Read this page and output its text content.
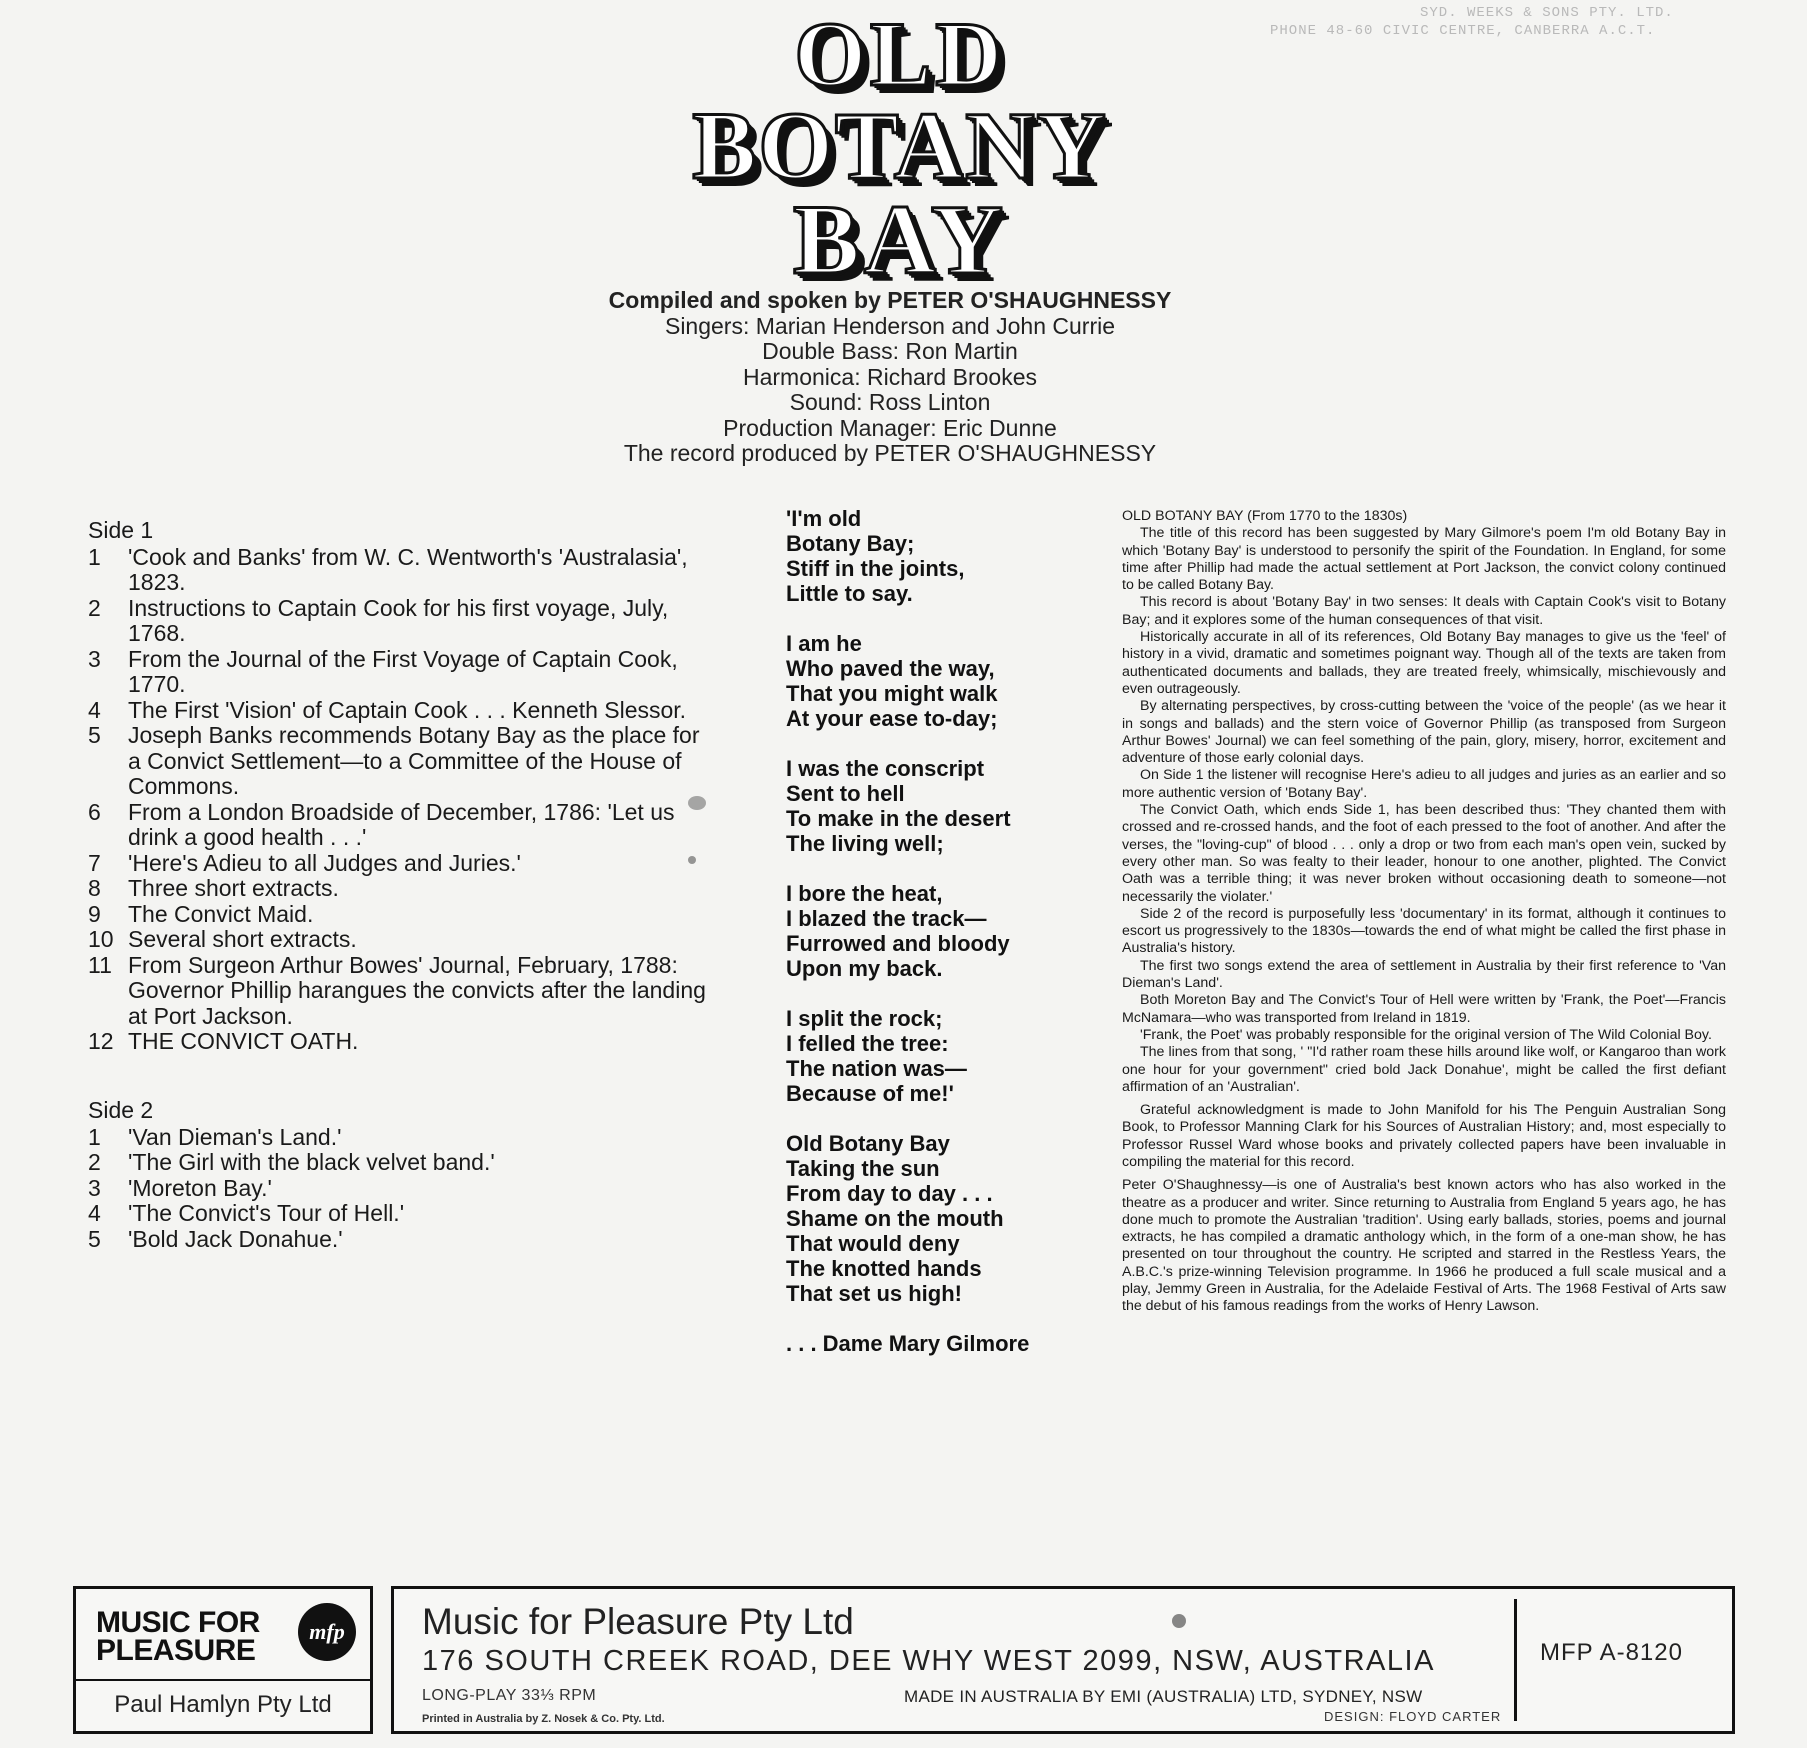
SYD. WEEKS & SONS PTY. LTD.
PHONE 48-60 CIVIC CENTRE, CANBERRA A.C.T.
OLD
BOTANY
BAY
Compiled and spoken by PETER O'SHAUGHNESSY
Singers: Marian Henderson and John Currie
Double Bass: Ron Martin
Harmonica: Richard Brookes
Sound: Ross Linton
Production Manager: Eric Dunne
The record produced by PETER O'SHAUGHNESSY
Side 1
1	'Cook and Banks' from W. C. Wentworth's 'Australasia', 1823.
2	Instructions to Captain Cook for his first voyage, July, 1768.
3	From the Journal of the First Voyage of Captain Cook, 1770.
4	The First 'Vision' of Captain Cook . . . Kenneth Slessor.
5	Joseph Banks recommends Botany Bay as the place for a Convict Settlement—to a Committee of the House of Commons.
6	From a London Broadside of December, 1786: 'Let us drink a good health . . .'
7	'Here's Adieu to all Judges and Juries.'
8	Three short extracts.
9	The Convict Maid.
10 Several short extracts.
11 From Surgeon Arthur Bowes' Journal, February, 1788: Governor Phillip harangues the convicts after the landing at Port Jackson.
12 THE CONVICT OATH.
Side 2
1	'Van Dieman's Land.'
2	'The Girl with the black velvet band.'
3	'Moreton Bay.'
4	'The Convict's Tour of Hell.'
5	'Bold Jack Donahue.'
'I'm old
Botany Bay;
Stiff in the joints,
Little to say.
I am he
Who paved the way,
That you might walk
At your ease to-day;
I was the conscript
Sent to hell
To make in the desert
The living well;
I bore the heat,
I blazed the track—
Furrowed and bloody
Upon my back.
I split the rock;
I felled the tree:
The nation was—
Because of me!'
Old Botany Bay
Taking the sun
From day to day . . .
Shame on the mouth
That would deny
The knotted hands
That set us high!
. . . Dame Mary Gilmore

OLD BOTANY BAY (From 1770 to the 1830s)

The title of this record has been suggested by Mary Gilmore's poem I'm old Botany Bay in which 'Botany Bay' is understood to personify the spirit of the Foundation. In England, for some time after Phillip had made the actual settlement at Port Jackson, the convict colony continued to be called Botany Bay.

This record is about 'Botany Bay' in two senses: It deals with Captain Cook's visit to Botany Bay; and it explores some of the human consequences of that visit.

Historically accurate in all of its references, Old Botany Bay manages to give us the 'feel' of history in a vivid, dramatic and sometimes poignant way. Though all of the texts are taken from authenticated documents and ballads, they are treated freely, whimsically, mischievously and even outrageously.

By alternating perspectives, by cross-cutting between the 'voice of the people' (as we hear it in songs and ballads) and the stern voice of Governor Phillip (as transposed from Surgeon Arthur Bowes' Journal) we can feel something of the pain, glory, misery, horror, excitement and adventure of those early colonial days.

On Side 1 the listener will recognise Here's adieu to all judges and juries as an earlier and so more authentic version of 'Botany Bay'.

The Convict Oath, which ends Side 1, has been described thus: 'They chanted them with crossed and re-crossed hands, and the foot of each pressed to the foot of another. And after the verses, the "loving-cup" of blood . . . only a drop or two from each man's open vein, sucked by every other man. So was fealty to their leader, honour to one another, plighted. The Convict Oath was a terrible thing; it was never broken without occasioning death to someone—not necessarily the violater.'

Side 2 of the record is purposefully less 'documentary' in its format, although it continues to escort us progressively to the 1830s—towards the end of what might be called the first phase in Australia's history.

The first two songs extend the area of settlement in Australia by their first reference to 'Van Dieman's Land'.

Both Moreton Bay and The Convict's Tour of Hell were written by 'Frank, the Poet'—Francis McNamara—who was transported from Ireland in 1819.

'Frank, the Poet' was probably responsible for the original version of The Wild Colonial Boy.

The lines from that song, ' "I'd rather roam these hills around like wolf, or Kangaroo than work one hour for your government" cried bold Jack Donahue', might be called the first defiant affirmation of an 'Australian'.

Grateful acknowledgment is made to John Manifold for his The Penguin Australian Song Book, to Professor Manning Clark for his Sources of Australian History; and, most especially to Professor Russel Ward whose books and privately collected papers have been invaluable in compiling the material for this record.

Peter O'Shaughnessy—is one of Australia's best known actors who has also worked in the theatre as a producer and writer. Since returning to Australia from England 5 years ago, he has done much to promote the Australian 'tradition'. Using early ballads, stories, poems and journal extracts, he has compiled a dramatic anthology which, in the form of a one-man show, he has presented on tour throughout the country. He scripted and starred in the Restless Years, the A.B.C.'s prize-winning Television programme. In 1966 he produced a full scale musical and a play, Jemmy Green in Australia, for the Adelaide Festival of Arts. The 1968 Festival of Arts saw the debut of his famous readings from the works of Henry Lawson.

MUSIC FOR
PLEASURE
mfp
Paul Hamlyn Pty Ltd
Music for Pleasure Pty Ltd
176 SOUTH CREEK ROAD, DEE WHY WEST 2099, NSW, AUSTRALIA
LONG-PLAY 33⅓ RPM	MADE IN AUSTRALIA BY EMI (AUSTRALIA) LTD, SYDNEY, NSW
Printed in Australia by Z. Nosek & Co. Pty. Ltd.	DESIGN: FLOYD CARTER
MFP A-8120
